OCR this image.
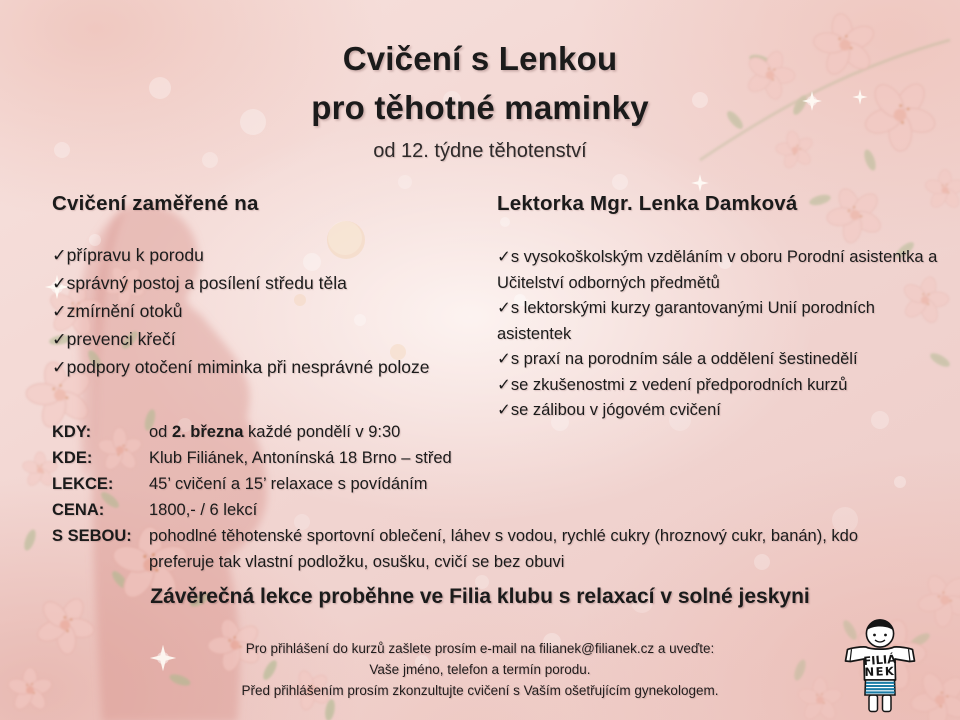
Cvičení s Lenkou
pro těhotné maminky
od 12. týdne těhotenství
Cvičení zaměřené na
✓přípravu k porodu
✓správný postoj a posílení středu těla
✓zmírnění otoků
✓prevenci křečí
✓podpory otočení miminka při nesprávné poloze
Lektorka Mgr. Lenka Damková
✓s vysokoškolským vzděláním v oboru Porodní asistentka a Učitelství odborných předmětů
✓s lektorskými kurzy garantovanými Unií porodních asistentek
✓s praxí na porodním sále a oddělení šestinedělí
✓se zkušenostmi z vedení předporodních kurzů
✓se zálibou v jógovém cvičení
KDY:	od 2. března každé pondělí v 9:30
KDE:	Klub Filiánek, Antonínská 18 Brno – střed
LEKCE:	45’ cvičení a 15’ relaxace s povídáním
CENA:	1800,- / 6 lekcí
S SEBOU:	pohodlné těhotenské sportovní oblečení, láhev s vodou, rychlé cukry (hroznový cukr, banán), kdo
preferuje tak vlastní podložku, osušku, cvičí se bez obuvi
Závěrečná lekce proběhne ve Filia klubu s relaxací v solné jeskyni
Pro přihlášení do kurzů zašlete prosím e-mail na filianek@filianek.cz a uveďte:
Vaše jméno, telefon a termín porodu.
Před přihlášením prosím zkonzultujte cvičení s Vaším ošetřujícím gynekologem.
FILIÁ
NEK
